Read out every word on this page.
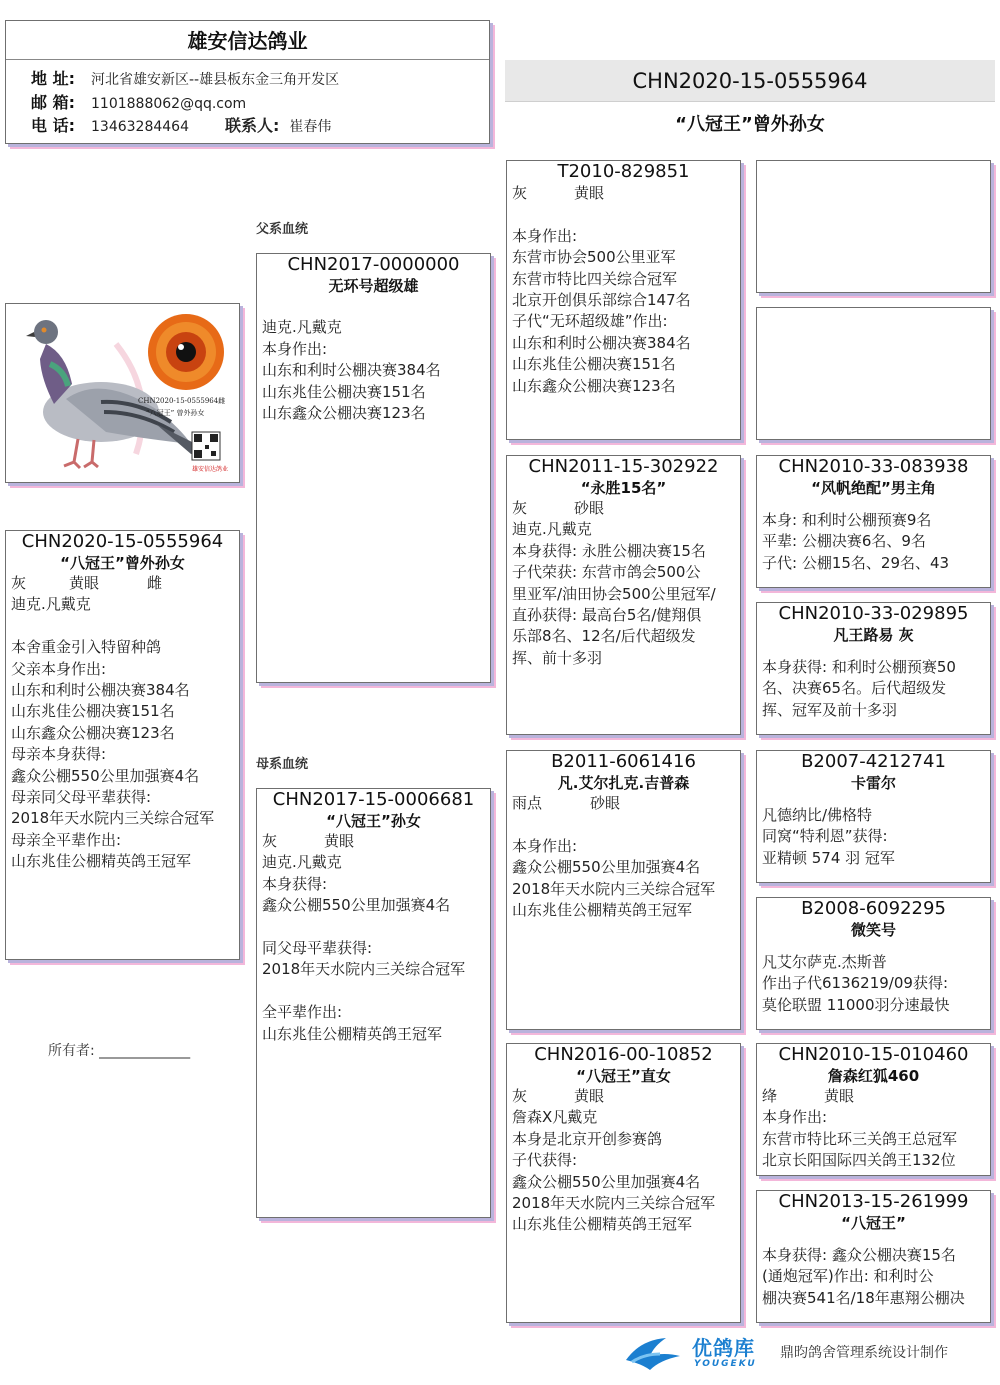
雄安信达鸽业
地 址: 河北省雄安新区--雄县板东金三角开发区
邮 箱: 1101888062@qq.com
电 话: 13463284464 联系人: 崔春伟
CHN2020-15-0555964
“八冠王”曾外孙女
父系血统
母系血统
CHN2020-15-0555964雌
“八冠王” 曾外孙女
雄安信达鸽业
CHN2020-15-0555964
“八冠王”曾外孙女
灰	黄眼	雌
迪克.凡戴克
本舍重金引入特留种鸽
父亲本身作出:
山东和利时公棚决赛384名
山东兆佳公棚决赛151名
山东鑫众公棚决赛123名
母亲本身获得:
鑫众公棚550公里加强赛4名
母亲同父母平辈获得:
2018年天水院内三关综合冠军
母亲全平辈作出:
山东兆佳公棚精英鸽王冠军
所有者: _____________
CHN2017-0000000
无环号超级雄
迪克.凡戴克
本身作出:
山东和利时公棚决赛384名
山东兆佳公棚决赛151名
山东鑫众公棚决赛123名
CHN2017-15-0006681
“八冠王”孙女
灰	黄眼
迪克.凡戴克
本身获得:
鑫众公棚550公里加强赛4名
同父母平辈获得:
2018年天水院内三关综合冠军
全平辈作出:
山东兆佳公棚精英鸽王冠军
T2010-829851
灰	黄眼
本身作出:
东营市协会500公里亚军
东营市特比四关综合冠军
北京开创俱乐部综合147名
子代“无环超级雄”作出:
山东和利时公棚决赛384名
山东兆佳公棚决赛151名
山东鑫众公棚决赛123名
CHN2011-15-302922
“永胜15名”
灰	砂眼
迪克.凡戴克
本身获得: 永胜公棚决赛15名
子代荣获: 东营市鸽会500公
里亚军/油田协会500公里冠军/
直孙获得: 最高台5名/健翔俱
乐部8名、12名/后代超级发
挥、前十多羽
B2011-6061416
凡.艾尔扎克.吉普森
雨点	砂眼
本身作出:
鑫众公棚550公里加强赛4名
2018年天水院内三关综合冠军
山东兆佳公棚精英鸽王冠军
CHN2016-00-10852
“八冠王”直女
灰	黄眼
詹森X凡戴克
本身是北京开创参赛鸽
子代获得:
鑫众公棚550公里加强赛4名
2018年天水院内三关综合冠军
山东兆佳公棚精英鸽王冠军
CHN2010-33-083938
“风帆绝配”男主角
本身: 和利时公棚预赛9名
平辈: 公棚决赛6名、9名
子代: 公棚15名、29名、43
CHN2010-33-029895
凡王路易 灰
本身获得: 和利时公棚预赛50
名、决赛65名。后代超级发
挥、冠军及前十多羽
B2007-4212741
卡雷尔
凡德纳比/佛格特
同窝“特利恩”获得:
亚精顿 574 羽 冠军
B2008-6092295
微笑号
凡艾尔萨克.杰斯普
作出子代6136219/09获得:
莫伦联盟 11000羽分速最快
CHN2010-15-010460
詹森红狐460
绛	黄眼
本身作出:
东营市特比环三关鸽王总冠军
北京长阳国际四关鸽王132位
CHN2013-15-261999
“八冠王”
本身获得: 鑫众公棚决赛15名
(通炮冠军)作出: 和利时公
棚决赛541名/18年惠翔公棚决
优鸽库
YOUGEKU
鼎昀鸽舍管理系统设计制作
